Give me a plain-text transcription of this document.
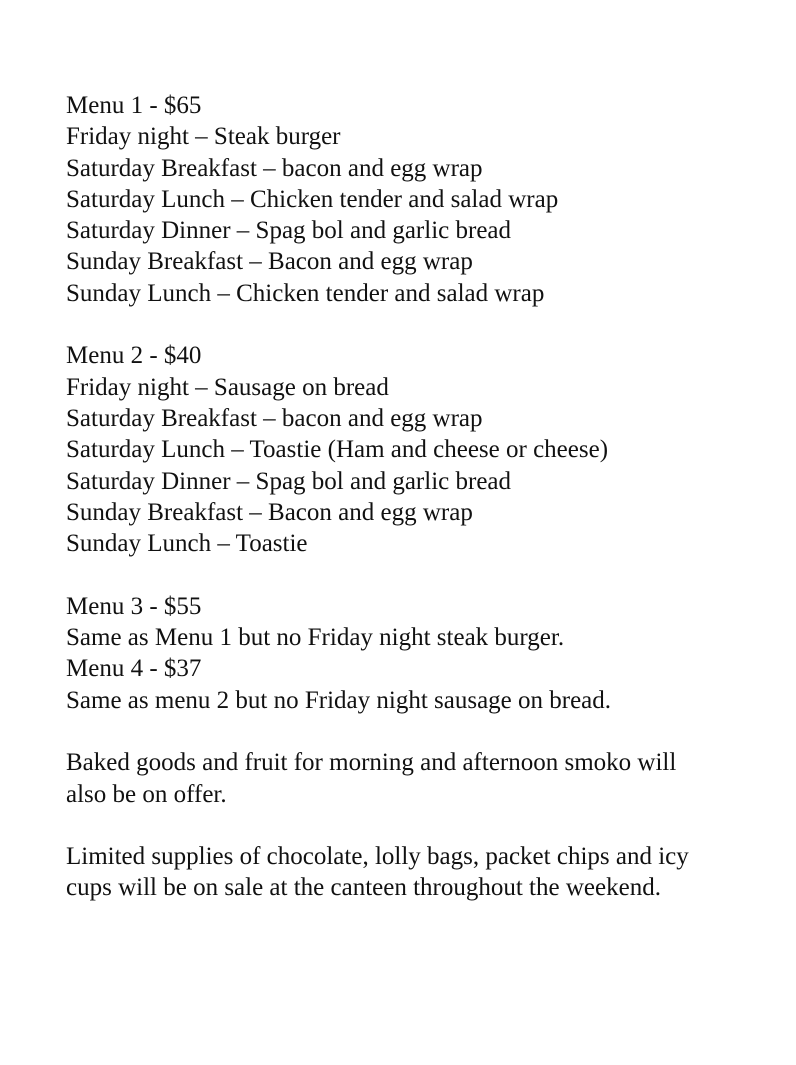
Menu 1 - $65
Friday night – Steak burger
Saturday Breakfast – bacon and egg wrap
Saturday Lunch – Chicken tender and salad wrap
Saturday Dinner – Spag bol and garlic bread
Sunday Breakfast – Bacon and egg wrap
Sunday Lunch – Chicken tender and salad wrap
Menu 2 - $40
Friday night – Sausage on bread
Saturday Breakfast – bacon and egg wrap
Saturday Lunch – Toastie (Ham and cheese or cheese)
Saturday Dinner – Spag bol and garlic bread
Sunday Breakfast – Bacon and egg wrap
Sunday Lunch – Toastie
Menu 3 - $55
Same as Menu 1 but no Friday night steak burger.
Menu 4 - $37
Same as menu 2 but no Friday night sausage on bread.
Baked goods and fruit for morning and afternoon smoko will
also be on offer.
Limited supplies of chocolate, lolly bags, packet chips and icy
cups will be on sale at the canteen throughout the weekend.
